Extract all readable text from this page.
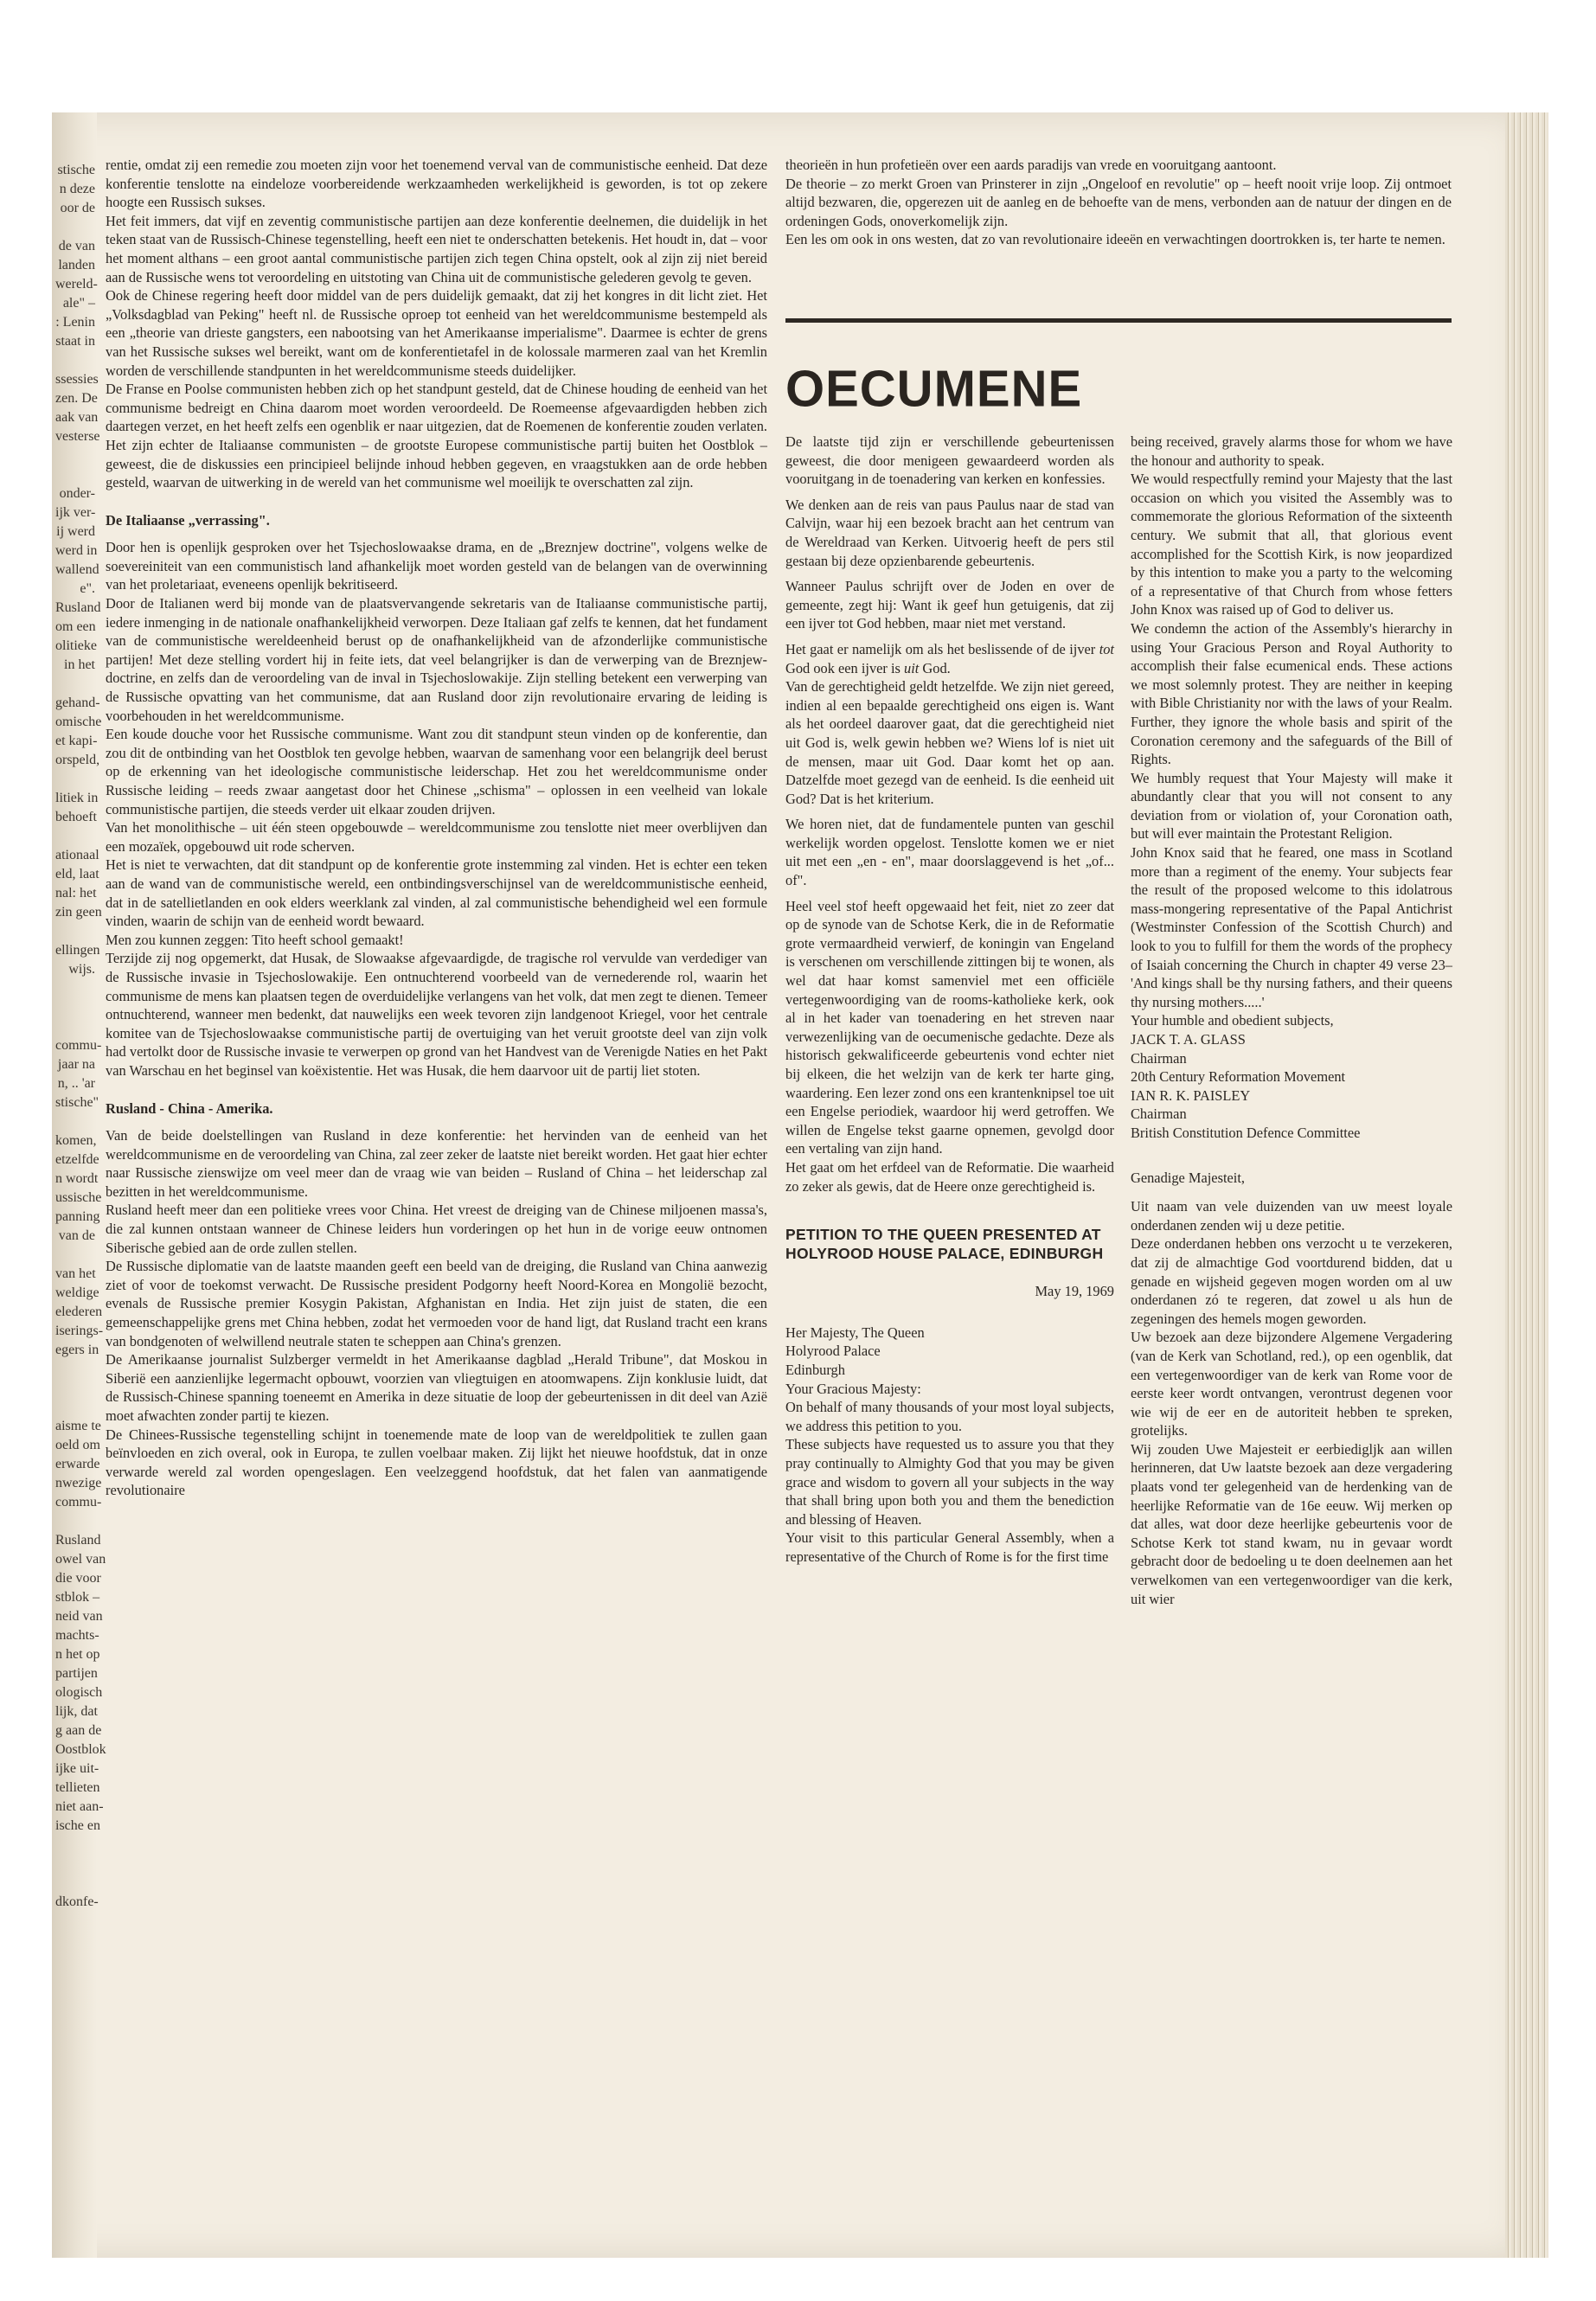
stische
n deze
oor de
de van
landen
wereld-
ale" –
: Lenin
staat in
ssessies
zen. De
aak van
vesterse
onder-
ijk ver-
ij werd
werd in
wallend
e".
Rusland
om een
olitieke
in het
gehand-
omische
et kapi-
orspeld,
litiek in
behoeft
ationaal
eld, laat
nal: het
zin geen
ellingen
wijs.
commu-
jaar na
n, .. 'ar
stische"
komen,
etzelfde
n wordt
ussische
panning
van de
van het
weldige
elederen
iserings-
egers in
aisme te
oeld om
erwarde
nwezige
commu-
Rusland
owel van
die voor
stblok –
neid van
machts-
n het op
partijen
ologisch
lijk, dat
g aan de
Oostblok
ijke uit-
tellieten
niet aan-
ische en
dkonfe-

rentie, omdat zij een remedie zou moeten zijn voor het toenemend verval van de communistische eenheid. Dat deze konferentie tenslotte na eindeloze voorbereidende werkzaamheden werkelijkheid is geworden, is tot op zekere hoogte een Russisch sukses.

Het feit immers, dat vijf en zeventig communistische partijen aan deze konferentie deelnemen, die duidelijk in het teken staat van de Russisch-Chinese tegenstelling, heeft een niet te onderschatten betekenis. Het houdt in, dat – voor het moment althans – een groot aantal communistische partijen zich tegen China opstelt, ook al zijn zij niet bereid aan de Russische wens tot veroordeling en uitstoting van China uit de communistische gelederen gevolg te geven.

Ook de Chinese regering heeft door middel van de pers duidelijk gemaakt, dat zij het kongres in dit licht ziet. Het „Volksdagblad van Peking" heeft nl. de Russische oproep tot eenheid van het wereldcommunisme bestempeld als een „theorie van drieste gangsters, een nabootsing van het Amerikaanse imperialisme". Daarmee is echter de grens van het Russische sukses wel bereikt, want om de konferentietafel in de kolossale marmeren zaal van het Kremlin worden de verschillende standpunten in het wereldcommunisme steeds duidelijker.

De Franse en Poolse communisten hebben zich op het standpunt gesteld, dat de Chinese houding de eenheid van het communisme bedreigt en China daarom moet worden veroordeeld. De Roemeense afgevaardigden hebben zich daartegen verzet, en het heeft zelfs een ogenblik er naar uitgezien, dat de Roemenen de konferentie zouden verlaten. Het zijn echter de Italiaanse communisten – de grootste Europese communistische partij buiten het Oostblok – geweest, die de diskussies een principieel belijnde inhoud hebben gegeven, en vraagstukken aan de orde hebben gesteld, waarvan de uitwerking in de wereld van het communisme wel moeilijk te overschatten zal zijn.

De Italiaanse „verrassing".

Door hen is openlijk gesproken over het Tsjechoslowaakse drama, en de „Breznjew doctrine", volgens welke de soevereiniteit van een communistisch land afhankelijk moet worden gesteld van de belangen van de overwinning van het proletariaat, eveneens openlijk bekritiseerd.

Door de Italianen werd bij monde van de plaatsvervangende sekretaris van de Italiaanse communistische partij, iedere inmenging in de nationale onafhankelijkheid verworpen. Deze Italiaan gaf zelfs te kennen, dat het fundament van de communistische wereldeenheid berust op de onafhankelijkheid van de afzonderlijke communistische partijen! Met deze stelling vordert hij in feite iets, dat veel belangrijker is dan de verwerping van de Breznjew-doctrine, en zelfs dan de veroordeling van de inval in Tsjechoslowakije. Zijn stelling betekent een verwerping van de Russische opvatting van het communisme, dat aan Rusland door zijn revolutionaire ervaring de leiding is voorbehouden in het wereldcommunisme.

Een koude douche voor het Russische communisme. Want zou dit standpunt steun vinden op de konferentie, dan zou dit de ontbinding van het Oostblok ten gevolge hebben, waarvan de samenhang voor een belangrijk deel berust op de erkenning van het ideologische communistische leiderschap. Het zou het wereldcommunisme onder Russische leiding – reeds zwaar aangetast door het Chinese „schisma" – oplossen in een veelheid van lokale communistische partijen, die steeds verder uit elkaar zouden drijven.

Van het monolithische – uit één steen opgebouwde – wereldcommunisme zou tenslotte niet meer overblijven dan een mozaïek, opgebouwd uit rode scherven.

Het is niet te verwachten, dat dit standpunt op de konferentie grote instemming zal vinden. Het is echter een teken aan de wand van de communistische wereld, een ontbindingsverschijnsel van de wereldcommunistische eenheid, dat in de satellietlanden en ook elders weerklank zal vinden, al zal communistische behendigheid wel een formule vinden, waarin de schijn van de eenheid wordt bewaard.

Men zou kunnen zeggen: Tito heeft school gemaakt!

Terzijde zij nog opgemerkt, dat Husak, de Slowaakse afgevaardigde, de tragische rol vervulde van verdediger van de Russische invasie in Tsjechoslowakije. Een ontnuchterend voorbeeld van de vernederende rol, waarin het communisme de mens kan plaatsen tegen de overduidelijke verlangens van het volk, dat men zegt te dienen. Temeer ontnuchterend, wanneer men bedenkt, dat nauwelijks een week tevoren zijn landgenoot Kriegel, voor het centrale komitee van de Tsjechoslowaakse communistische partij de overtuiging van het veruit grootste deel van zijn volk had vertolkt door de Russische invasie te verwerpen op grond van het Handvest van de Verenigde Naties en het Pakt van Warschau en het beginsel van koëxistentie. Het was Husak, die hem daarvoor uit de partij liet stoten.

Rusland - China - Amerika.

Van de beide doelstellingen van Rusland in deze konferentie: het hervinden van de eenheid van het wereldcommunisme en de veroordeling van China, zal zeer zeker de laatste niet bereikt worden. Het gaat hier echter naar Russische zienswijze om veel meer dan de vraag wie van beiden – Rusland of China – het leiderschap zal bezitten in het wereldcommunisme.

Rusland heeft meer dan een politieke vrees voor China. Het vreest de dreiging van de Chinese miljoenen massa's, die zal kunnen ontstaan wanneer de Chinese leiders hun vorderingen op het hun in de vorige eeuw ontnomen Siberische gebied aan de orde zullen stellen.

De Russische diplomatie van de laatste maanden geeft een beeld van de dreiging, die Rusland van China aanwezig ziet of voor de toekomst verwacht. De Russische president Podgorny heeft Noord-Korea en Mongolië bezocht, evenals de Russische premier Kosygin Pakistan, Afghanistan en India. Het zijn juist de staten, die een gemeenschappelijke grens met China hebben, zodat het vermoeden voor de hand ligt, dat Rusland tracht een krans van bondgenoten of welwillend neutrale staten te scheppen aan China's grenzen.

De Amerikaanse journalist Sulzberger vermeldt in het Amerikaanse dagblad „Herald Tribune", dat Moskou in Siberië een aanzienlijke legermacht opbouwt, voorzien van vliegtuigen en atoomwapens. Zijn konklusie luidt, dat de Russisch-Chinese spanning toeneemt en Amerika in deze situatie de loop der gebeurtenissen in dit deel van Azië moet afwachten zonder partij te kiezen.

De Chinees-Russische tegenstelling schijnt in toenemende mate de loop van de wereldpolitiek te zullen gaan beïnvloeden en zich overal, ook in Europa, te zullen voelbaar maken. Zij lijkt het nieuwe hoofdstuk, dat in onze verwarde wereld zal worden opengeslagen. Een veelzeggend hoofdstuk, dat het falen van aanmatigende revolutionaire

theorieën in hun profetieën over een aards paradijs van vrede en vooruitgang aantoont.

De theorie – zo merkt Groen van Prinsterer in zijn „Ongeloof en revolutie" op – heeft nooit vrije loop. Zij ontmoet altijd bezwaren, die, opgerezen uit de aanleg en de behoefte van de mens, verbonden aan de natuur der dingen en de ordeningen Gods, onoverkomelijk zijn.

Een les om ook in ons westen, dat zo van revolutionaire ideeën en verwachtingen doortrokken is, ter harte te nemen.

OECUMENE

De laatste tijd zijn er verschillende gebeurtenissen geweest, die door menigeen gewaardeerd worden als vooruitgang in de toenadering van kerken en konfessies.

We denken aan de reis van paus Paulus naar de stad van Calvijn, waar hij een bezoek bracht aan het centrum van de Wereldraad van Kerken. Uitvoerig heeft de pers stil gestaan bij deze opzienbarende gebeurtenis.

Wanneer Paulus schrijft over de Joden en over de gemeente, zegt hij: Want ik geef hun getuigenis, dat zij een ijver tot God hebben, maar niet met verstand.

Het gaat er namelijk om als het beslissende of de ijver tot God ook een ijver is uit God.

Van de gerechtigheid geldt hetzelfde. We zijn niet gereed, indien al een bepaalde gerechtigheid ons eigen is. Want als het oordeel daarover gaat, dat die gerechtigheid niet uit God is, welk gewin hebben we? Wiens lof is niet uit de mensen, maar uit God. Daar komt het op aan. Datzelfde moet gezegd van de eenheid. Is die eenheid uit God? Dat is het kriterium.

We horen niet, dat de fundamentele punten van geschil werkelijk worden opgelost. Tenslotte komen we er niet uit met een „en - en", maar doorslaggevend is het „of... of".

Heel veel stof heeft opgewaaid het feit, niet zo zeer dat op de synode van de Schotse Kerk, die in de Reformatie grote vermaardheid verwierf, de koningin van Engeland is verschenen om verschillende zittingen bij te wonen, als wel dat haar komst samenviel met een officiële vertegenwoordiging van de rooms-katholieke kerk, ook al in het kader van toenadering en het streven naar verwezenlijking van de oecumenische gedachte. Deze als historisch gekwalificeerde gebeurtenis vond echter niet bij elkeen, die het welzijn van de kerk ter harte ging, waardering. Een lezer zond ons een krantenknipsel toe uit een Engelse periodiek, waardoor hij werd getroffen. We willen de Engelse tekst gaarne opnemen, gevolgd door een vertaling van zijn hand.

Het gaat om het erfdeel van de Reformatie. Die waarheid zo zeker als gewis, dat de Heere onze gerechtigheid is.

PETITION TO THE QUEEN PRESENTED AT HOLYROOD HOUSE PALACE, EDINBURGH

May 19, 1969

Her Majesty, The Queen

Holyrood Palace

Edinburgh

Your Gracious Majesty:

On behalf of many thousands of your most loyal subjects, we address this petition to you.

These subjects have requested us to assure you that they pray continually to Almighty God that you may be given grace and wisdom to govern all your subjects in the way that shall bring upon both you and them the benediction and blessing of Heaven.

Your visit to this particular General Assembly, when a representative of the Church of Rome is for the first time

being received, gravely alarms those for whom we have the honour and authority to speak.

We would respectfully remind your Majesty that the last occasion on which you visited the Assembly was to commemorate the glorious Reformation of the sixteenth century. We submit that all, that glorious event accomplished for the Scottish Kirk, is now jeopardized by this intention to make you a party to the welcoming of a representative of that Church from whose fetters John Knox was raised up of God to deliver us.

We condemn the action of the Assembly's hierarchy in using Your Gracious Person and Royal Authority to accomplish their false ecumenical ends. These actions we most solemnly protest. They are neither in keeping with Bible Christianity nor with the laws of your Realm. Further, they ignore the whole basis and spirit of the Coronation ceremony and the safeguards of the Bill of Rights.

We humbly request that Your Majesty will make it abundantly clear that you will not consent to any deviation from or violation of, your Coronation oath, but will ever maintain the Protestant Religion.

John Knox said that he feared, one mass in Scotland more than a regiment of the enemy. Your subjects fear the result of the proposed welcome to this idolatrous mass-mongering representative of the Papal Antichrist (Westminster Confession of the Scottish Church) and look to you to fulfill for them the words of the prophecy of Isaiah concerning the Church in chapter 49 verse 23– 'And kings shall be thy nursing fathers, and their queens thy nursing mothers.....'

Your humble and obedient subjects,

JACK T. A. GLASS

Chairman

20th Century Reformation Movement

IAN R. K. PAISLEY

Chairman

British Constitution Defence Committee

Genadige Majesteit,

Uit naam van vele duizenden van uw meest loyale onderdanen zenden wij u deze petitie.

Deze onderdanen hebben ons verzocht u te verzekeren, dat zij de almachtige God voortdurend bidden, dat u genade en wijsheid gegeven mogen worden om al uw onderdanen zó te regeren, dat zowel u als hun de zegeningen des hemels mogen geworden.

Uw bezoek aan deze bijzondere Algemene Vergadering (van de Kerk van Schotland, red.), op een ogenblik, dat een vertegenwoordiger van de kerk van Rome voor de eerste keer wordt ontvangen, verontrust degenen voor wie wij de eer en de autoriteit hebben te spreken, grotelijks.

Wij zouden Uwe Majesteit er eerbiedigljk aan willen herinneren, dat Uw laatste bezoek aan deze vergadering plaats vond ter gelegenheid van de herdenking van de heerlijke Reformatie van de 16e eeuw. Wij merken op dat alles, wat door deze heerlijke gebeurtenis voor de Schotse Kerk tot stand kwam, nu in gevaar wordt gebracht door de bedoeling u te doen deelnemen aan het verwelkomen van een vertegenwoordiger van die kerk, uit wier
